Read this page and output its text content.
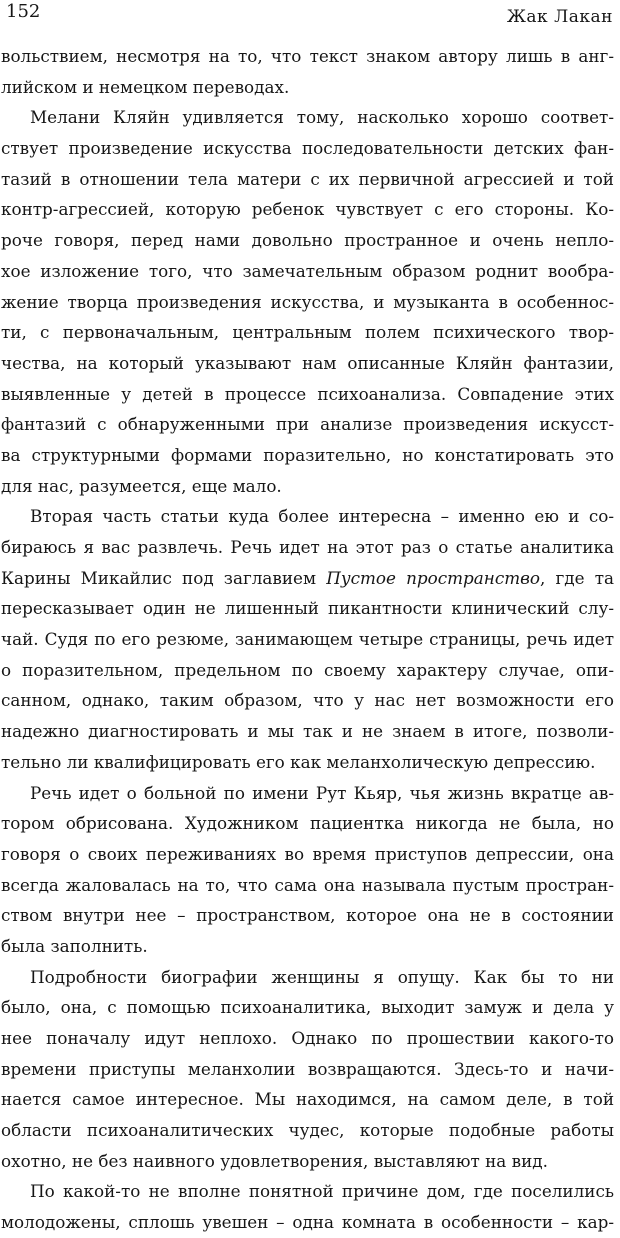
152	Жак Лакан
вольствием, несмотря на то, что текст знаком автору лишь в анг-
лийском и немецком переводах.
Мелани Кляйн удивляется тому, насколько хорошо соответ-
ствует произведение искусства последовательности детских фан-
тазий в отношении тела матери с их первичной агрессией и той
контр-агрессией, которую ребенок чувствует с его стороны. Ко-
роче говоря, перед нами довольно пространное и очень непло-
хое изложение того, что замечательным образом роднит вообра-
жение творца произведения искусства, и музыканта в особеннос-
ти, с первоначальным, центральным полем психического твор-
чества, на который указывают нам описанные Кляйн фантазии,
выявленные у детей в процессе психоанализа. Совпадение этих
фантазий с обнаруженными при анализе произведения искусст-
ва структурными формами поразительно, но констатировать это
для нас, разумеется, еще мало.
Вторая часть статьи куда более интересна – именно ею и со-
бираюсь я вас развлечь. Речь идет на этот раз о статье аналитика
Карины Микайлис под заглавием Пустое пространство, где та
пересказывает один не лишенный пикантности клинический слу-
чай. Судя по его резюме, занимающем четыре страницы, речь идет
о поразительном, предельном по своему характеру случае, опи-
санном, однако, таким образом, что у нас нет возможности его
надежно диагностировать и мы так и не знаем в итоге, позволи-
тельно ли квалифицировать его как меланхолическую депрессию.
Речь идет о больной по имени Рут Кьяр, чья жизнь вкратце ав-
тором обрисована. Художником пациентка никогда не была, но
говоря о своих переживаниях во время приступов депрессии, она
всегда жаловалась на то, что сама она называла пустым простран-
ством внутри нее – пространством, которое она не в состоянии
была заполнить.
Подробности биографии женщины я опущу. Как бы то ни
было, она, с помощью психоаналитика, выходит замуж и дела у
нее поначалу идут неплохо. Однако по прошествии какого-то
времени приступы меланхолии возвращаются. Здесь-то и начи-
нается самое интересное. Мы находимся, на самом деле, в той
области психоаналитических чудес, которые подобные работы
охотно, не без наивного удовлетворения, выставляют на вид.
По какой-то не вполне понятной причине дом, где поселились
молодожены, сплошь увешен – одна комната в особенности – кар-
